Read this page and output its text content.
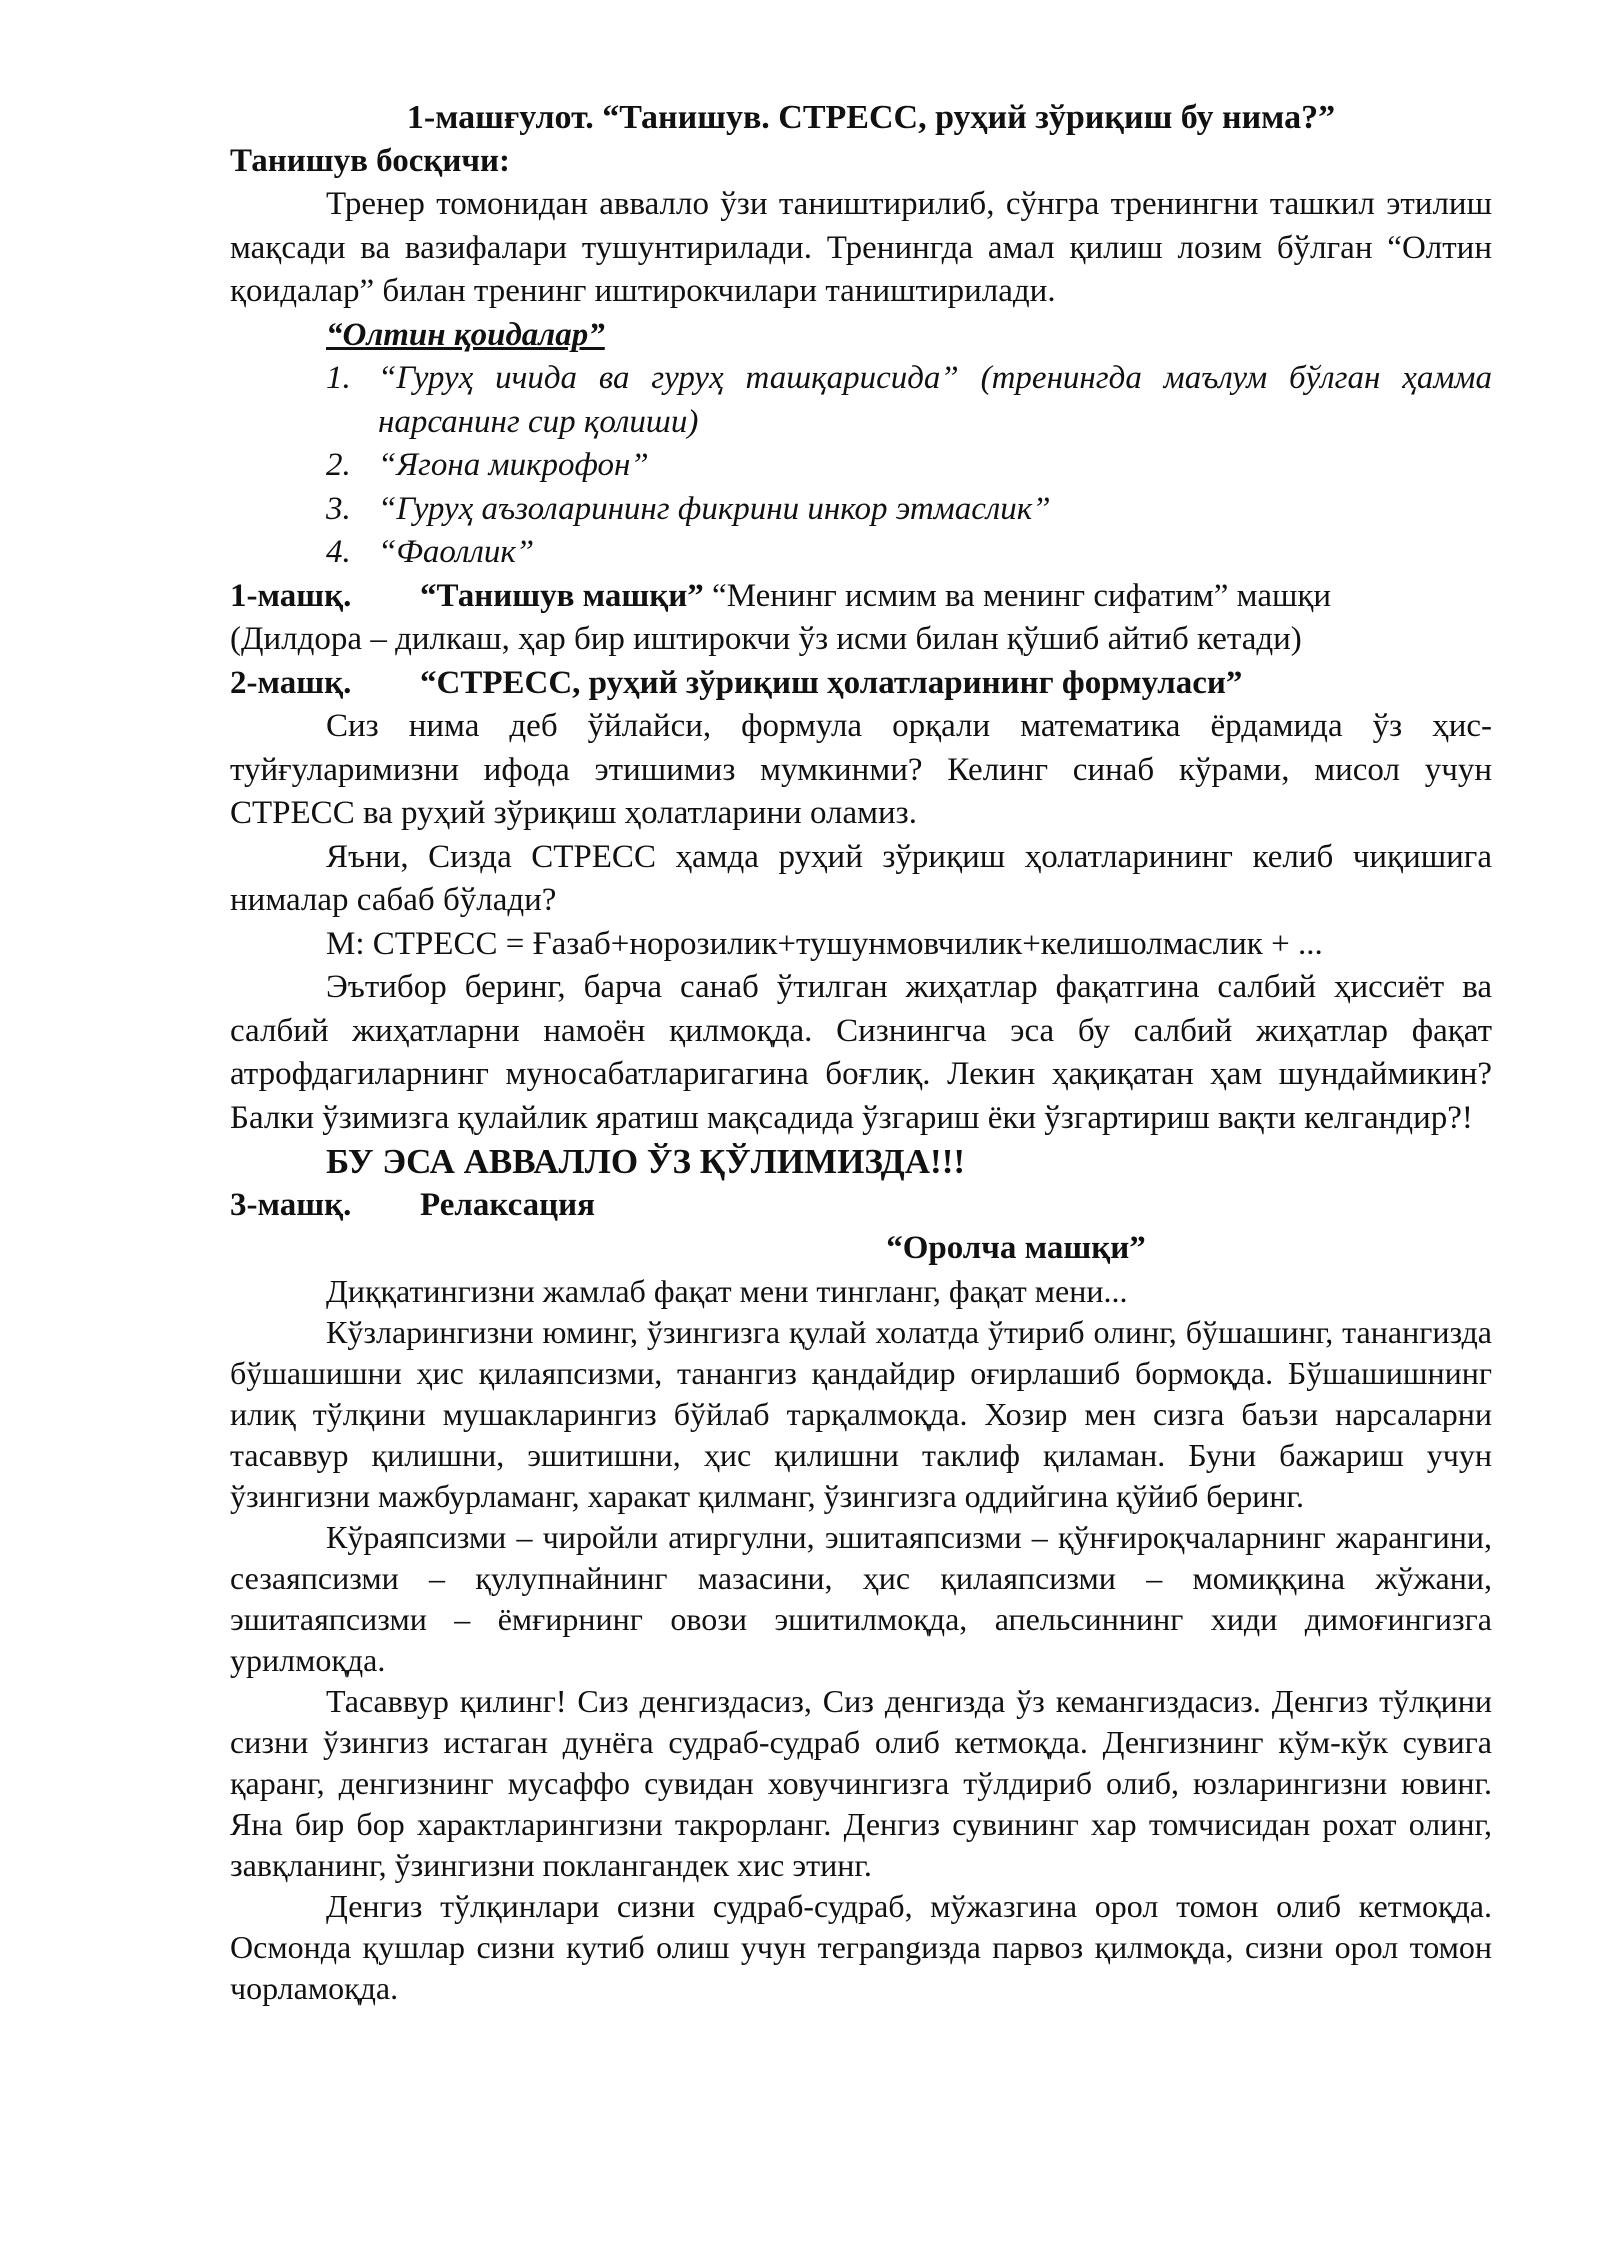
1-машғулот. “Танишув. СТРЕСС, руҳий зўриқиш бу нима?”

Танишув босқичи:

Тренер томонидан аввалло ўзи таништирилиб, сўнгра тренингни ташкил этилиш мақсади ва вазифалари тушунтирилади. Тренингда амал қилиш лозим бўлган “Олтин қоидалар” билан тренинг иштирокчилари таништирилади.

“Олтин қоидалар”

1. “Гуруҳ ичида ва гуруҳ ташқарисида” (тренингда маълум бўлган ҳамма нарсанинг сир қолиши)
2. “Ягона микрофон”
3. “Гуруҳ аъзоларининг фикрини инкор этмаслик”
4. “Фаоллик”
1-машқ.	“Танишув машқи” “Менинг исмим ва менинг сифатим” машқи

(Дилдора – дилкаш, ҳар бир иштирокчи ўз исми билан қўшиб айтиб кетади)

2-машқ.	“СТРЕСС, руҳий зўриқиш ҳолатларининг формуласи”

Сиз нима деб ўйлайси, формула орқали математика ёрдамида ўз ҳис-туйғуларимизни ифода этишимиз мумкинми? Келинг синаб кўрами, мисол учун СТРЕСС ва руҳий зўриқиш ҳолатларини оламиз.

Яъни, Сизда СТРЕСС ҳамда руҳий зўриқиш ҳолатларининг келиб чиқишига нималар сабаб бўлади?

М: СТРЕСС = Ғазаб+норозилик+тушунмовчилик+келишолмаслик + ...

Эътибор беринг, барча санаб ўтилган жиҳатлар фақатгина салбий ҳиссиёт ва салбий жиҳатларни намоён қилмоқда. Сизнингча эса бу салбий жиҳатлар фақат атрофдагиларнинг муносабатларигагина боғлиқ. Лекин ҳақиқатан ҳам шундаймикин? Балки ўзимизга қулайлик яратиш мақсадида ўзгариш ёки ўзгартириш вақти келгандир?!

БУ ЭСА АВВАЛЛО ЎЗ ҚЎЛИМИЗДА!!!

3-машқ.	Релаксация

“Оролча машқи”

Диққатингизни жамлаб фақат мени тингланг, фақат мени...

Кўзларингизни юминг, ўзингизга қулай холатда ўтириб олинг, бўшашинг, танангизда бўшашишни ҳис қилаяпсизми, танангиз қандайдир оғирлашиб бормоқда. Бўшашишнинг илиқ тўлқини мушакларингиз бўйлаб тарқалмоқда. Хозир мен сизга баъзи нарсаларни тасаввур қилишни, эшитишни, ҳис қилишни таклиф қиламан. Буни бажариш учун ўзингизни мажбурламанг, харакат қилманг, ўзингизга оддийгина қўйиб беринг.

Кўраяпсизми – чиройли атиргулни, эшитаяпсизми – қўнғироқчаларнинг жарангини, сезаяпсизми – қулупнайнинг мазасини, ҳис қилаяпсизми – момиққина жўжани, эшитаяпсизми – ёмғирнинг овози эшитилмоқда, апельсиннинг хиди димоғингизга урилмоқда.

Тасаввур қилинг! Сиз денгиздасиз, Сиз денгизда ўз кемангиздасиз. Денгиз тўлқини сизни ўзингиз истаган дунёга судраб-судраб олиб кетмоқда. Денгизнинг кўм-кўк сувига қаранг, денгизнинг мусаффо сувидан ховучингизга тўлдириб олиб, юзларингизни ювинг. Яна бир бор характларингизни такрорланг. Денгиз сувининг хар томчисидан рохат олинг, завқланинг, ўзингизни поклангандек хис этинг.

Денгиз тўлқинлари сизни судраб-судраб, мўжазгина орол томон олиб кетмоқда. Осмонда қушлар сизни кутиб олиш учун теграngизда парвоз қилмоқда, сизни орол томон чорламоқда.
